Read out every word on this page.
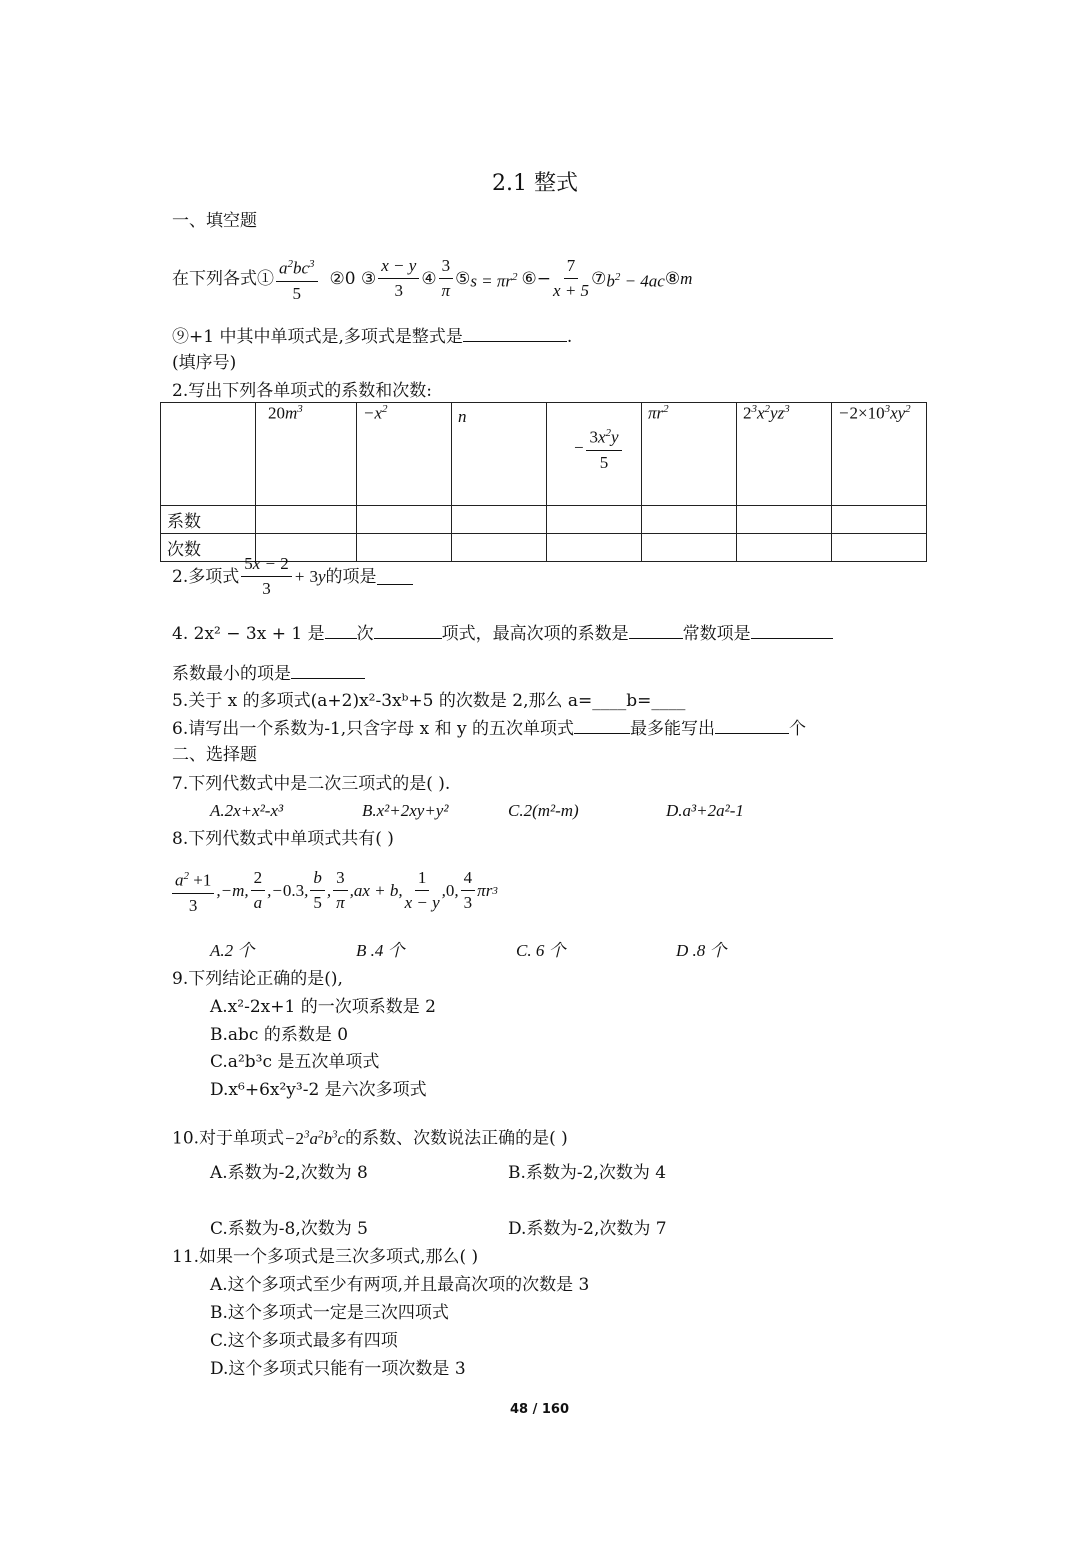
2.1 整式
一、填空题
在下列各式① $\frac{a^2bc^3}{5}$ ②0 ③ $\frac{x - y}{3}$ ④ $\frac{3}{\pi}$ ⑤ $s = \pi r^2$ ⑥− $\frac{7}{x + 5}$ ⑦ $b^2 - 4ac$ ⑧ m
⑨+1 中其中单项式是,多项式是整式是	.
(填序号)
2.写出下列各单项式的系数和次数:
	$20m^3$	$-x^2$	n	− $\frac{3x^2y}{5}$	$\pi r^2$	$2^3x^2yz^3$	$-2\times 10^3xy^2$
系数							
次数							
2.多项式 $\frac{5x - 2}{3} + 3y$ 的项是
4. 2x² − 3x + 1 是 次	项式，最高次项的系数是	常数项是
系数最小的项是
5.关于 x 的多项式(a+2)x²-3xᵇ+5 的次数是 2,那么 a=____b=____
6.请写出一个系数为-1,只含字母 x 和 y 的五次单项式	最多能写出	个
二、选择题
7.下列代数式中是二次三项式的是( ).
A.2x+x²-x³	B.x²+2xy+y²	C.2(m²-m)	D.a³+2a²-1
8.下列代数式中单项式共有( )
$\frac{a^2 +1}{3} ,-m$, $\frac{2}{a}$ ,− 0.3 , $\frac{b}{5}$ , $\frac{3}{\pi} ,ax + b$, $\frac{1}{x - y}$ , 0 , $\frac{4}{3}$ πr 3
A.2 个	B .4 个	C. 6 个	D .8 个
9.下列结论正确的是(),
A.x²-2x+1 的一次项系数是 2
B.abc 的系数是 0
C.a²b³c 是五次单项式
D.x⁶+6x²y³-2 是六次多项式
10.对于单项式$-2^3a^2b^3c$的系数、次数说法正确的是( )
A.系数为-2,次数为 8	B.系数为-2,次数为 4
C.系数为-8,次数为 5	D.系数为-2,次数为 7
11.如果一个多项式是三次多项式,那么( )
A.这个多项式至少有两项,并且最高次项的次数是 3
B.这个多项式一定是三次四项式
C.这个多项式最多有四项
D.这个多项式只能有一项次数是 3
48 / 160
